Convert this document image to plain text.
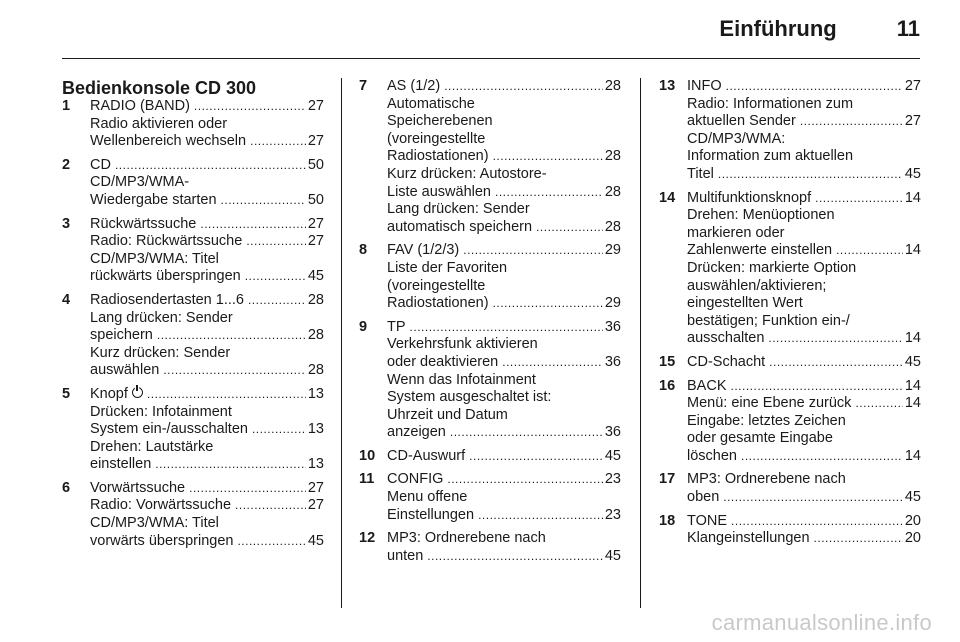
Einführung	11
Bedienkonsole CD 300
1	RADIO (BAND) .....	27
Radio aktivieren oder
Wellenbereich wechseln .....	27
2	CD .....	50
CD/MP3/WMA-
Wiedergabe starten .....	50
3	Rückwärtssuche .....	27
Radio: Rückwärtssuche .....	27
CD/MP3/WMA: Titel
rückwärts überspringen .....	45
4	Radiosendertasten 1...6 .....	28
Lang drücken: Sender
speichern .....	28
Kurz drücken: Sender
auswählen .....	28
5	Knopf .....	13
Drücken: Infotainment
System ein-/ausschalten .....	13
Drehen: Lautstärke
einstellen .....	13
6	Vorwärtssuche .....	27
Radio: Vorwärtssuche .....	27
CD/MP3/WMA: Titel
vorwärts überspringen .....	45
7	AS (1/2) .....	28
Automatische
Speicherebenen
(voreingestellte
Radiostationen) .....	28
Kurz drücken: Autostore-
Liste auswählen .....	28
Lang drücken: Sender
automatisch speichern .....	28
8	FAV (1/2/3) .....	29
Liste der Favoriten
(voreingestellte
Radiostationen) .....	29
9	TP .....	36
Verkehrsfunk aktivieren
oder deaktivieren .....	36
Wenn das Infotainment
System ausgeschaltet ist:
Uhrzeit und Datum
anzeigen .....	36
10 CD-Auswurf .....	45
11 CONFIG .....	23
Menu offene
Einstellungen .....	23
12 MP3: Ordnerebene nach
unten .....	45
13 INFO .....	27
Radio: Informationen zum
aktuellen Sender .....	27
CD/MP3/WMA:
Information zum aktuellen
Titel .....	45
14 Multifunktionsknopf .....	14
Drehen: Menüoptionen
markieren oder
Zahlenwerte einstellen .....	14
Drücken: markierte Option
auswählen/aktivieren;
eingestellten Wert
bestätigen; Funktion ein-/
ausschalten .....	14
15 CD-Schacht .....	45
16 BACK .....	14
Menü: eine Ebene zurück .....	14
Eingabe: letztes Zeichen
oder gesamte Eingabe
löschen .....	14
17 MP3: Ordnerebene nach
oben .....	45
18 TONE .....	20
Klangeinstellungen .....	20
carmanualsonline.info
